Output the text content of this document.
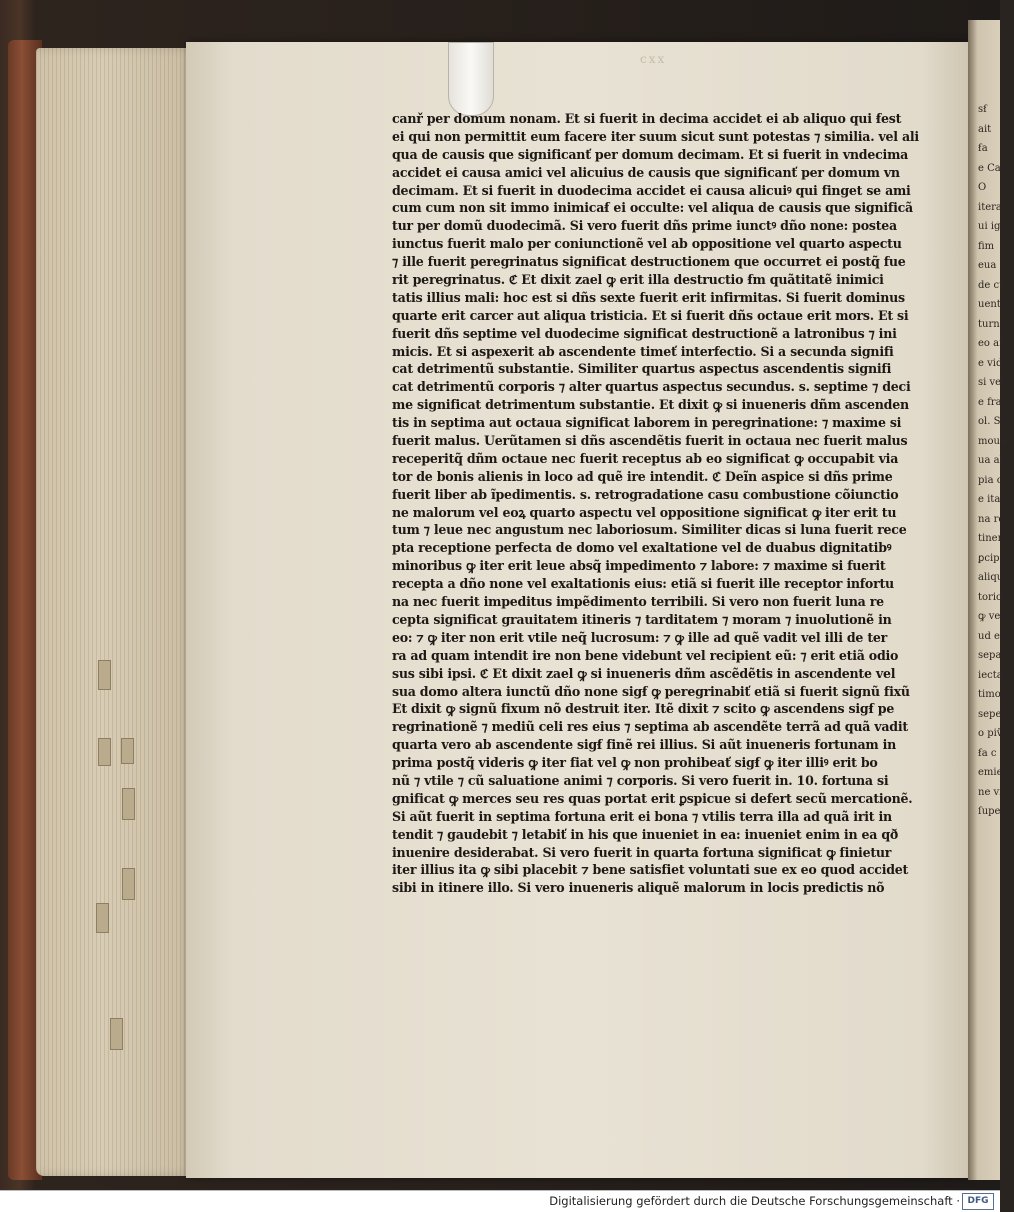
cxx
sẜ
ait
ẜa
e Ca
O
itera
ui ig
fim
eua
de cu
uent
turno
eo ai
e vid
si vel
e fra
ol. Si
moua
ua al
pia cu
e ita
na re
tineris
ꝑcip
aliqu
torio
ꝙ vel
ud e
separ
iecta
timo a
sepeg
o piṽ
ẜa c
emien
ne vi
ſuper s
canř per domum nonam. Et si fuerit in decima accidet ei ab aliquo qui ẜest
ei qui non permittit eum facere iter suum sicut sunt potestas ⁊ similia. vel ali
qua de causis que significanť per domum decimam. Et si fuerit in vndecima
accidet ei causa amici vel alicuius de causis que significanť per domum vn
decimam. Et si fuerit in duodecima accidet ei causa alicuiꝰ qui finget se ami
cum cum non sit immo inimicaẜ ei occulte: vel aliqua de causis que significã
tur per domũ duodecimã. Si vero fuerit dñs prime iunctꝰ dño none: postea
iunctus fuerit malo per coniunctionẽ vel ab oppositione vel quarto aspectu
⁊ ille fuerit peregrinatus significat destructionem que occurret ei postq̃ fue
rit peregrinatus. ℭ Et dixit zael ꝙ erit illa destructio ẜm quãtitatẽ inimici
tatis illius mali: hoc est si dñs sexte fuerit erit infirmitas. Si fuerit dominus
quarte erit carcer aut aliqua tristicia. Et si fuerit dñs octaue erit mors. Et si
fuerit dñs septime vel duodecime significat destructionẽ a latronibus ⁊ ini
micis. Et si aspexerit ab ascendente timeť interfectio. Si a secunda signifi
cat detrimentũ substantie. Similiter quartus aspectus ascendentis signifi
cat detrimentũ corporis ⁊ alter quartus aspectus secundus. s. septime ⁊ deci
me significat detrimentum substantie. Et dixit ꝙ si inueneris dñm ascenden
tis in septima aut octaua significat laborem in peregrinatione: ⁊ maxime si
fuerit malus. Uerũtamen si dñs ascendẽtis fuerit in octaua nec fuerit malus
receperitq̃ dñm octaue nec fuerit receptus ab eo significat ꝙ occupabit via
tor de bonis alienis in loco ad quẽ ire intendit. ℭ Deĩn aspice si dñs prime
fuerit liber ab ĩpedimentis. s. retrogradatione casu combustione cõiunctio
ne malorum vel eoꝝ quarto aspectu vel oppositione significat ꝙ iter erit tu
tum ⁊ leue nec angustum nec laboriosum. Similiter dicas si luna fuerit rece
pta receptione perfecta de domo vel exaltatione vel de duabus dignitatibꝰ
minoribus ꝙ iter erit leue absq̃ impedimento ⁊ labore: ⁊ maxime si fuerit
recepta a dño none vel exaltationis eius: etiã si fuerit ille receptor infortu
na nec fuerit impeditus impẽdimento terribili. Si vero non fuerit luna re
cepta significat grauitatem itineris ⁊ tarditatem ⁊ moram ⁊ inuolutionẽ in
eo: ⁊ ꝙ iter non erit vtile neq̃ lucrosum: ⁊ ꝙ ille ad quẽ vadit vel illi de ter
ra ad quam intendit ire non bene videbunt vel recipient eũ: ⁊ erit etiã odio
sus sibi ipsi. ℭ Et dixit zael ꝙ si inueneris dñm ascẽdẽtis in ascendente vel
sua domo altera iunctũ dño none sigẜ ꝙ peregrinabiť etiã si fuerit signũ fixũ
Et dixit ꝙ signũ fixum nõ destruit iter. Itẽ dixit ⁊ scito ꝙ ascendens sigẜ pe
regrinationẽ ⁊ mediũ celi res eius ⁊ septima ab ascendẽte terrã ad quã vadit
quarta vero ab ascendente sigẜ finẽ rei illius. Si aũt inueneris fortunam in
prima postq̃ videris ꝙ iter fiat vel ꝙ non prohibeať sigẜ ꝙ iter illiꝰ erit bo
nũ ⁊ vtile ⁊ cũ saluatione animi ⁊ corporis. Si vero fuerit in. 10. fortuna si
gnificat ꝙ merces seu res quas portat erit ꝑspicue si defert secũ mercationẽ.
Si aũt fuerit in septima fortuna erit ei bona ⁊ vtilis terra illa ad quã irit in
tendit ⁊ gaudebit ⁊ letabiť in his que inueniet in ea: inueniet enim in ea qð
inuenire desiderabat. Si vero fuerit in quarta fortuna significat ꝙ finietur
iter illius ita ꝙ sibi placebit ⁊ bene satisfiet voluntati sue ex eo quod accidet
sibi in itinere illo. Si vero inueneris aliquẽ malorum in locis predictis nõ
Digitalisierung gefördert durch die Deutsche Forschungsgemeinschaft · DFG
